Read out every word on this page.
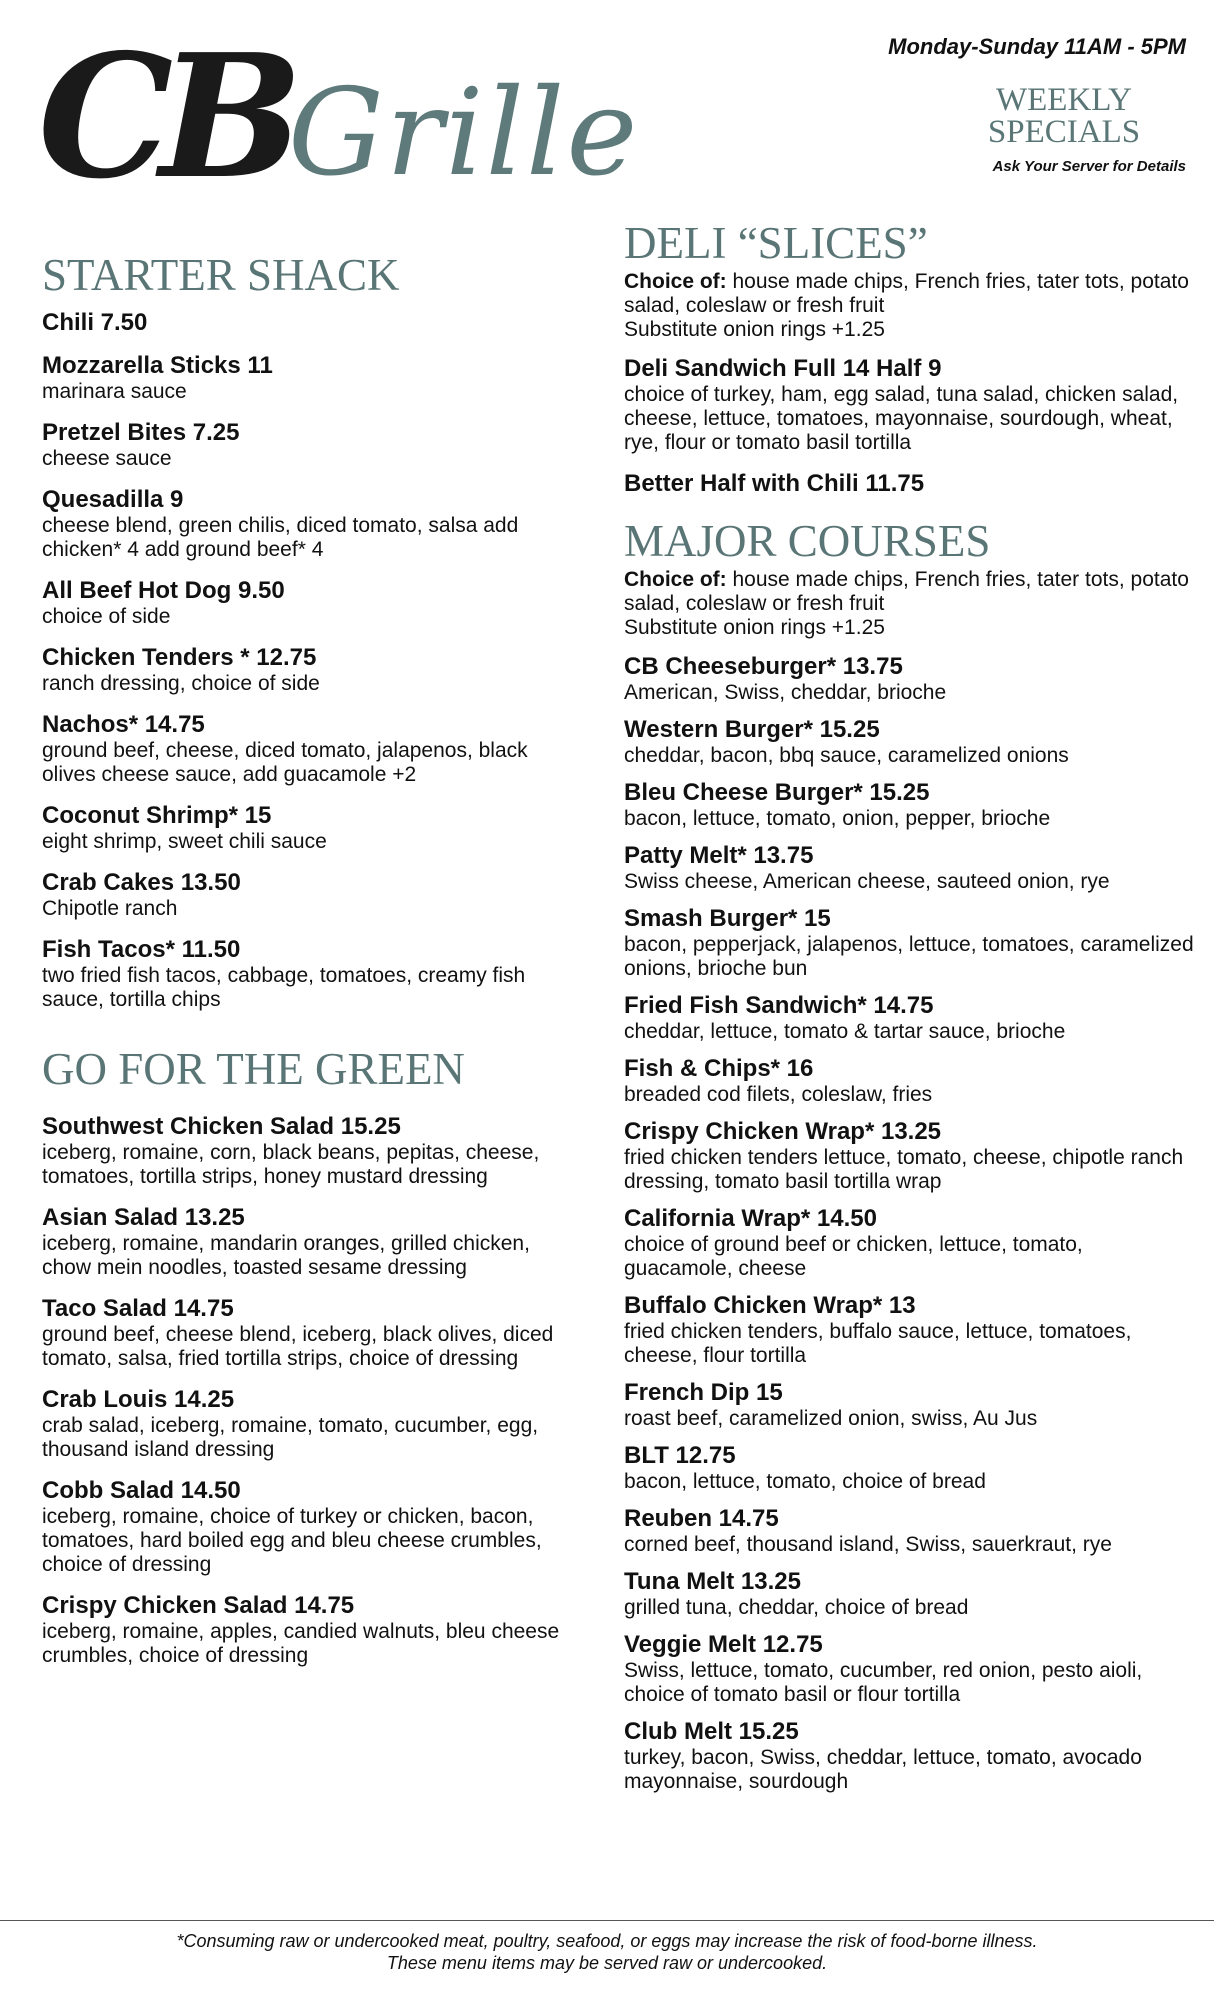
CB Grille
Monday-Sunday 11AM - 5PM
WEEKLY
SPECIALS
Ask Your Server for Details
STARTER SHACK
Chili 7.50
Mozzarella Sticks 11
marinara sauce
Pretzel Bites 7.25
cheese sauce
Quesadilla 9
cheese blend, green chilis, diced tomato, salsa add chicken* 4 add ground beef* 4
All Beef Hot Dog 9.50
choice of side
Chicken Tenders * 12.75
ranch dressing, choice of side
Nachos* 14.75
ground beef, cheese, diced tomato, jalapenos, black olives cheese sauce, add guacamole +2
Coconut Shrimp* 15
eight shrimp, sweet chili sauce
Crab Cakes 13.50
Chipotle ranch
Fish Tacos* 11.50
two fried fish tacos, cabbage, tomatoes, creamy fish sauce, tortilla chips
GO FOR THE GREEN
Southwest Chicken Salad 15.25
iceberg, romaine, corn, black beans, pepitas, cheese, tomatoes, tortilla strips, honey mustard dressing
Asian Salad 13.25
iceberg, romaine, mandarin oranges, grilled chicken, chow mein noodles, toasted sesame dressing
Taco Salad 14.75
ground beef, cheese blend, iceberg, black olives, diced tomato, salsa, fried tortilla strips, choice of dressing
Crab Louis 14.25
crab salad, iceberg, romaine, tomato, cucumber, egg, thousand island dressing
Cobb Salad 14.50
iceberg, romaine, choice of turkey or chicken, bacon, tomatoes, hard boiled egg and bleu cheese crumbles, choice of dressing
Crispy Chicken Salad 14.75
iceberg, romaine, apples, candied walnuts, bleu cheese crumbles, choice of dressing
DELI “SLICES”
Choice of: house made chips, French fries, tater tots, potato salad, coleslaw or fresh fruit
Substitute onion rings +1.25
Deli Sandwich Full 14 Half 9
choice of turkey, ham, egg salad, tuna salad, chicken salad, cheese, lettuce, tomatoes, mayonnaise, sourdough, wheat, rye, flour or tomato basil tortilla
Better Half with Chili 11.75
MAJOR COURSES
Choice of: house made chips, French fries, tater tots, potato salad, coleslaw or fresh fruit
Substitute onion rings +1.25
CB Cheeseburger* 13.75
American, Swiss, cheddar, brioche
Western Burger* 15.25
cheddar, bacon, bbq sauce, caramelized onions
Bleu Cheese Burger* 15.25
bacon, lettuce, tomato, onion, pepper, brioche
Patty Melt* 13.75
Swiss cheese, American cheese, sauteed onion, rye
Smash Burger* 15
bacon, pepperjack, jalapenos, lettuce, tomatoes, caramelized onions, brioche bun
Fried Fish Sandwich* 14.75
cheddar, lettuce, tomato & tartar sauce, brioche
Fish & Chips* 16
breaded cod filets, coleslaw, fries
Crispy Chicken Wrap* 13.25
fried chicken tenders lettuce, tomato, cheese, chipotle ranch dressing, tomato basil tortilla wrap
California Wrap* 14.50
choice of ground beef or chicken, lettuce, tomato, guacamole, cheese
Buffalo Chicken Wrap* 13
fried chicken tenders, buffalo sauce, lettuce, tomatoes, cheese, flour tortilla
French Dip 15
roast beef, caramelized onion, swiss, Au Jus
BLT 12.75
bacon, lettuce, tomato, choice of bread
Reuben 14.75
corned beef, thousand island, Swiss, sauerkraut, rye
Tuna Melt 13.25
grilled tuna, cheddar, choice of bread
Veggie Melt 12.75
Swiss, lettuce, tomato, cucumber, red onion, pesto aioli, choice of tomato basil or flour tortilla
Club Melt 15.25
turkey, bacon, Swiss, cheddar, lettuce, tomato, avocado mayonnaise, sourdough
*Consuming raw or undercooked meat, poultry, seafood, or eggs may increase the risk of food-borne illness.
These menu items may be served raw or undercooked.
